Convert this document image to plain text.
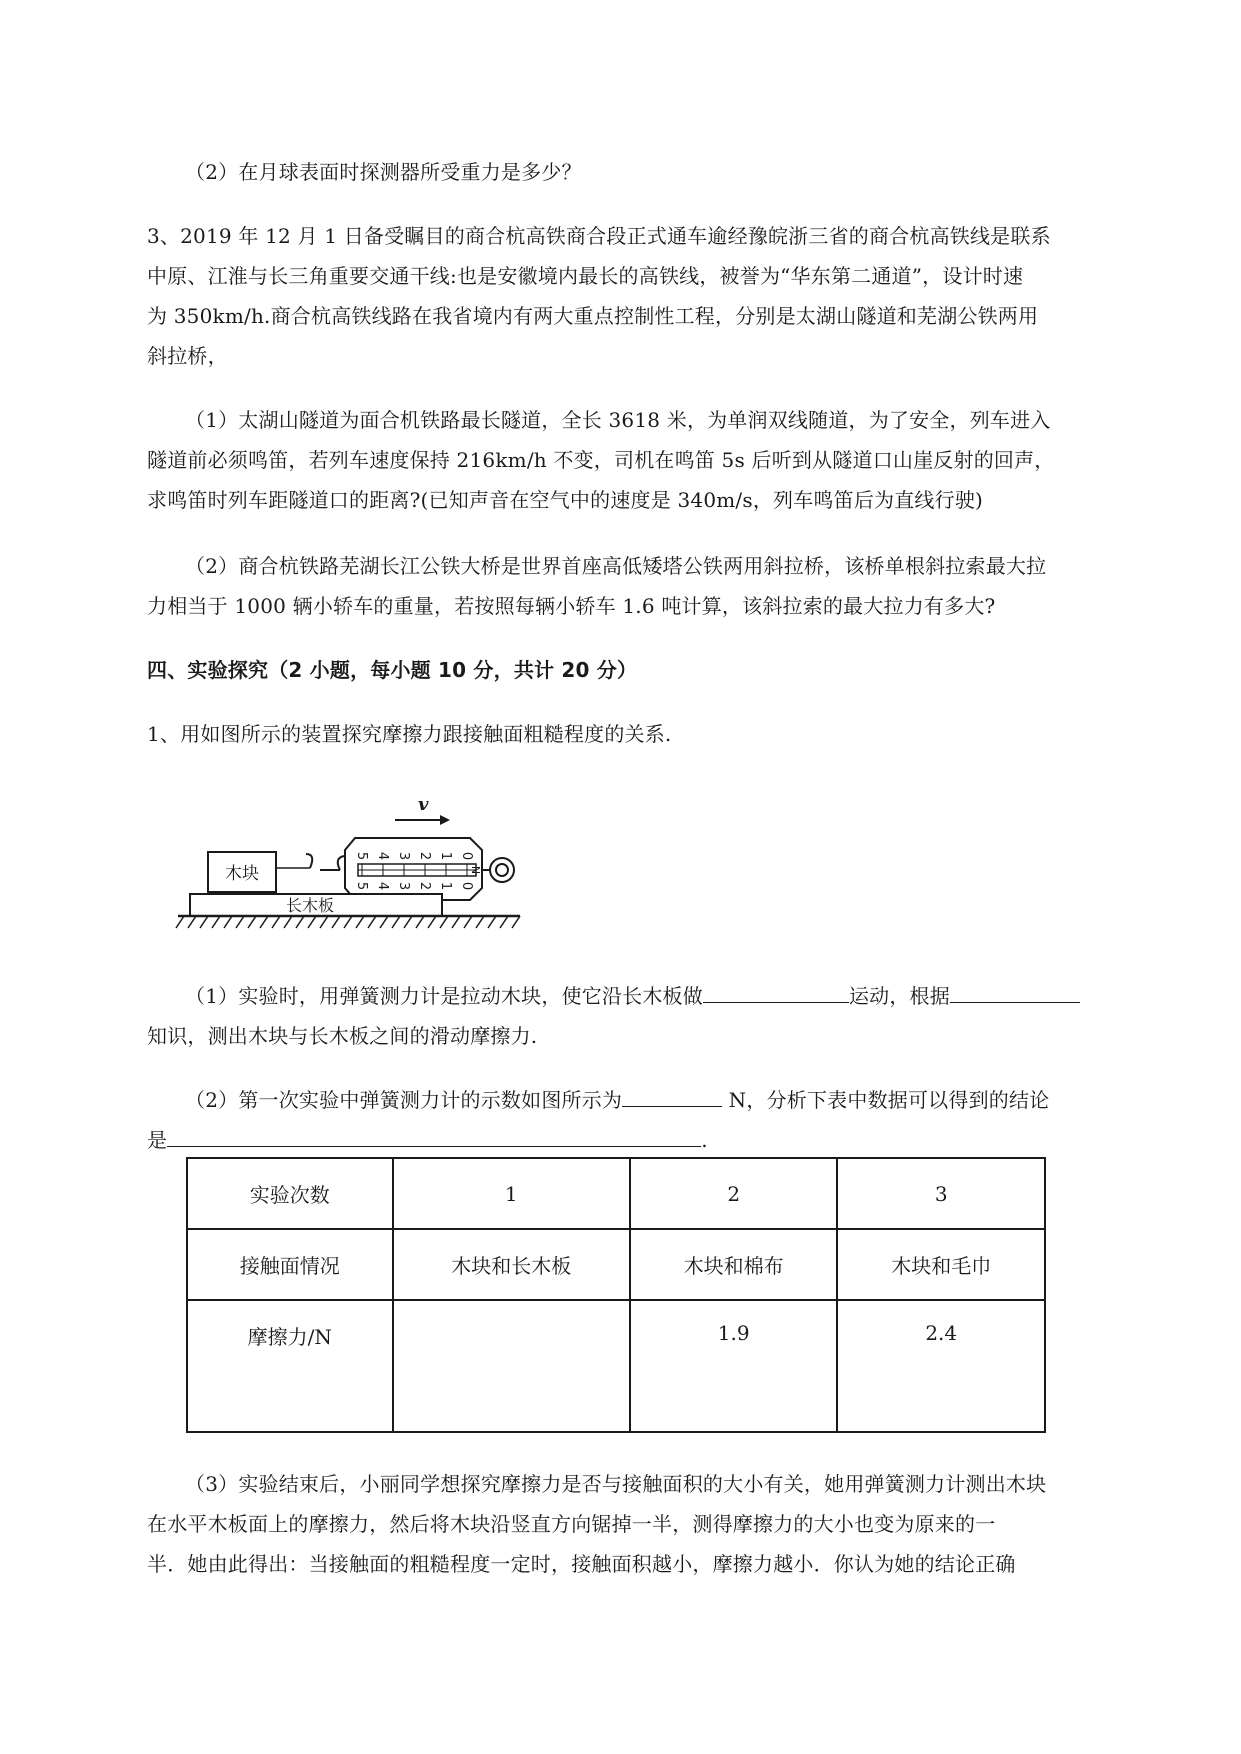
（2）在月球表面时探测器所受重力是多少？
3、2019 年 12 月 1 日备受瞩目的商合杭高铁商合段正式通车逾经豫皖浙三省的商合杭高铁线是联系
中原、江淮与长三角重要交通干线:也是安徽境内最长的高铁线，被誉为“华东第二通道”，设计时速
为 350km/h.商合杭高铁线路在我省境内有两大重点控制性工程，分别是太湖山隧道和芜湖公铁两用
斜拉桥，
（1）太湖山隧道为面合机铁路最长隧道，全长 3618 米，为单润双线随道，为了安全，列车进入
隧道前必须鸣笛，若列车速度保持 216km/h 不变，司机在鸣笛 5s 后听到从隧道口山崖反射的回声，
求鸣笛时列车距隧道口的距离?(已知声音在空气中的速度是 340m/s，列车鸣笛后为直线行驶)
（2）商合杭铁路芜湖长江公铁大桥是世界首座高低矮塔公铁两用斜拉桥，该桥单根斜拉索最大拉
力相当于 1000 辆小轿车的重量，若按照每辆小轿车 1.6 吨计算，该斜拉索的最大拉力有多大?
四、实验探究（2 小题，每小题 10 分，共计 20 分）
1、用如图所示的装置探究摩擦力跟接触面粗糙程度的关系.
v
木块
5 4 3 2 1 0
5 4 3 2 1 0
N
长木板
（1）实验时，用弹簧测力计是拉动木块，使它沿长木板做	运动，根据
知识，测出木块与长木板之间的滑动摩擦力.
（2）第一次实验中弹簧测力计的示数如图所示为	N，分析下表中数据可以得到的结论
是	.
实验次数	1	2	3
接触面情况	木块和长木板	木块和棉布	木块和毛巾

摩擦力/N		1.9	2.4
（3）实验结束后，小丽同学想探究摩擦力是否与接触面积的大小有关，她用弹簧测力计测出木块
在水平木板面上的摩擦力，然后将木块沿竖直方向锯掉一半，测得摩擦力的大小也变为原来的一
半．她由此得出：当接触面的粗糙程度一定时，接触面积越小，摩擦力越小．你认为她的结论正确
